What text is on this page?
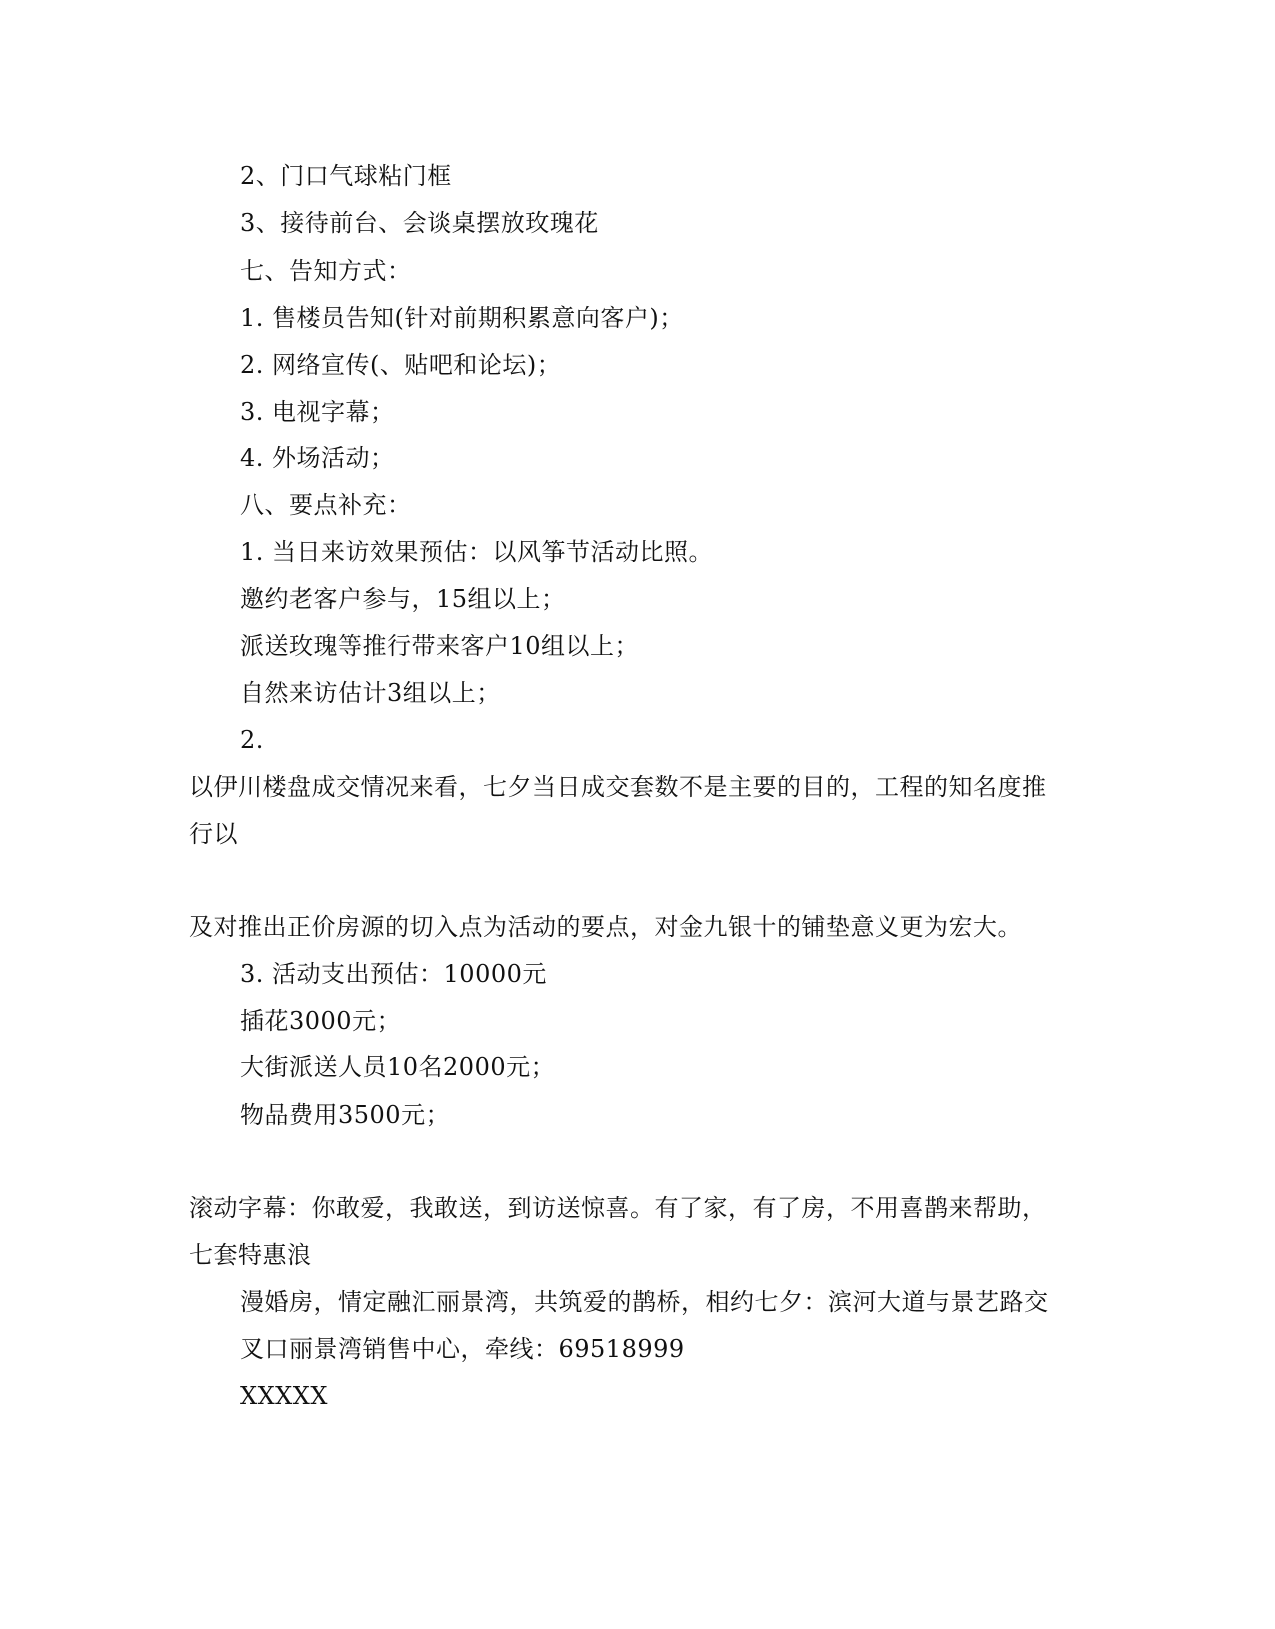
2、门口气球粘门框
3、接待前台、会谈桌摆放玫瑰花
七、告知方式：
1. 售楼员告知(针对前期积累意向客户)；
2. 网络宣传(、贴吧和论坛)；
3. 电视字幕；
4. 外场活动；
八、要点补充：
1. 当日来访效果预估：以风筝节活动比照。
邀约老客户参与，15组以上；
派送玫瑰等推行带来客户10组以上；
自然来访估计3组以上；
2.
以伊川楼盘成交情况来看，七夕当日成交套数不是主要的目的，工程的知名度推
行以
及对推出正价房源的切入点为活动的要点，对金九银十的铺垫意义更为宏大。
3. 活动支出预估：10000元
插花3000元；
大街派送人员10名2000元；
物品费用3500元；
滚动字幕：你敢爱，我敢送，到访送惊喜。有了家，有了房，不用喜鹊来帮助，
七套特惠浪
漫婚房，情定融汇丽景湾，共筑爱的鹊桥，相约七夕：滨河大道与景艺路交
叉口丽景湾销售中心，牵线：69518999
XXXXX
